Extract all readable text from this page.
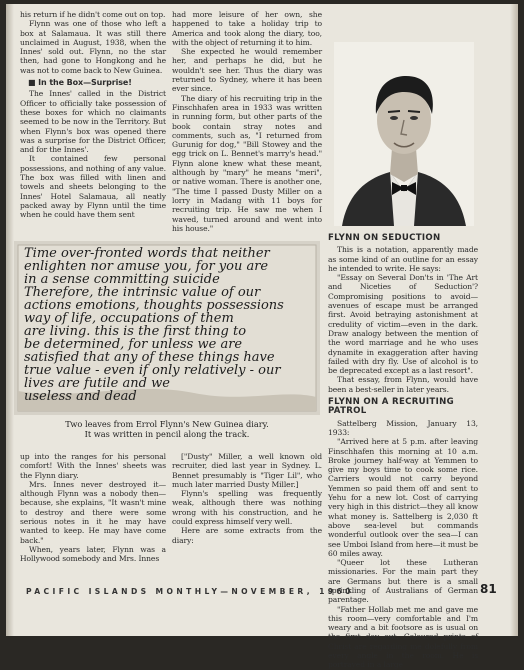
his return if he didn't come out on top.

Flynn was one of those who left a box at Salamaua. It was still there unclaimed in August, 1938, when the Innes' sold out. Flynn, no the star then, had gone to Hongkong and he was not to come back to New Guinea.

■ In the Box—Surprise!

The Innes' called in the District Officer to officially take possession of these boxes for which no claimants seemed to be now in the Territory. But when Flynn's box was opened there was a surprise for the District Officer, and for the Innes'.

It contained few personal possessions, and nothing of any value. The box was filled with linen and towels and sheets belonging to the Innes' Hotel Salamaua, all neatly packed away by Flynn until the time when he could have them sent

had more leisure of her own, she happened to take a holiday trip to America and took along the diary, too, with the object of returning it to him.

She expected he would remember her, and perhaps he did, but he wouldn't see her. Thus the diary was returned to Sydney, where it has been ever since.

The diary of his recruiting trip in the Finschhafen area in 1933 was written in running form, but other parts of the book contain stray notes and comments, such as, "I returned from Gurunig for dog," "Bill Stowey and the egg trick on L. Bennet's marry's head." Flynn alone knew what these meant, although by "mary" he means "meri", or native woman. There is another one, "The time I passed Dusty Miller on a lorry in Madang with 11 boys for recruiting trip. He saw me when I waved, turned around and went into his house."

Time over-fronted words that neither
enlighten nor amuse you, for you are
in a sense committing suicide
Therefore, the intrinsic value of our
actions emotions, thoughts possessions
way of life, occupations of them
are living. this is the first thing to
be determined, for unless we are
satisfied that any of these things have
true value - even if only relatively - our
lives are futile and we
useless and dead
Two leaves from Errol Flynn's New Guinea diary.
It was written in pencil along the track.

up into the ranges for his personal comfort! With the Innes' sheets was the Flynn diary.

Mrs. Innes never destroyed it—although Flynn was a nobody then—because, she explains, "It wasn't mine to destroy and there were some serious notes in it he may have wanted to keep. He may have come back."

When, years later, Flynn was a Hollywood somebody and Mrs. Innes

["Dusty" Miller, a well known old recruiter, died last year in Sydney. L. Bennet presumably is "Tiger Lil", who much later married Dusty Miller.]

Flynn's spelling was frequently weak, although there was nothing wrong with his construction, and he could express himself very well.

Here are some extracts from the diary:

FLYNN ON SEDUCTION

This is a notation, apparently made as some kind of an outline for an essay he intended to write. He says:

"Essay on Several Don'ts in 'The Art and Niceties of Seduction'? Compromising positions to avoid—avenues of escape must be arranged first. Avoid betraying astonishment at credulity of victim—even in the dark. Draw analogy between the mention of the word marriage and he who uses dynamite in exaggeration after having failed with dry fly. Use of alcohol is to be deprecated except as a last resort".

That essay, from Flynn, would have been a best-seller in later years.

FLYNN ON A RECRUITING PATROL

Sattelberg Mission, January 13, 1933:

"Arrived here at 5 p.m. after leaving Finschhafen this morning at 10 a.m. Broke journey half-way at Yemmen to give my boys time to cook some rice. Carriers would not carry beyond Yemmen so paid them off and sent to Yehu for a new lot. Cost of carrying very high in this district—they all know what money is. Sattelberg is 2,030 ft above sea-level but commands wonderful outlook over the sea—I can see Umboi Island from here—it must be 60 miles away.

"Queer lot these Lutheran missionaries. For the main part they are Germans but there is a small sprinkling of Australians of German parentage.

"Father Hollab met me and gave me this room—very comfortable and I'm weary and a bit footsore as is usual on the first day out. Coloured prints of Christ are regarding me dolefully from every angle in the room. He is portrayed in a large

PACIFIC ISLANDS MONTHLY—NOVEMBER, 1960	81
